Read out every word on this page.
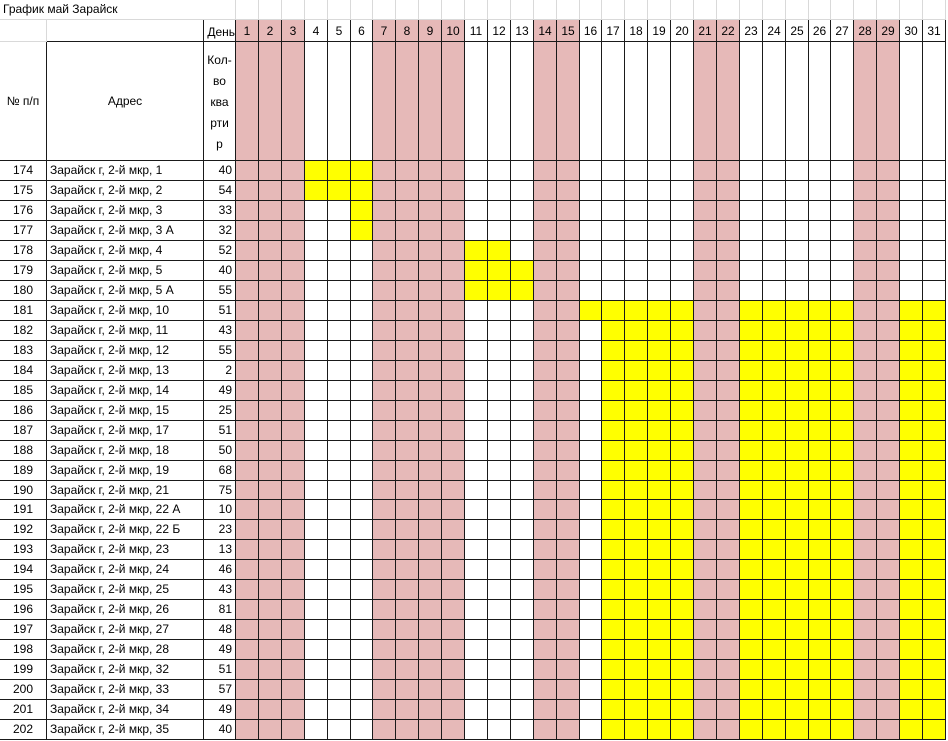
График май Зарайск
День 1	2	3	4	5	6	7	8	9	10 11 12 13 14 15 16 17 18 19 20 21 22 23 24 25 26 27 28 29 30 31
№ п/п	Адрес
Кол-
во
ква
рти
р
174	Зарайск г, 2-й мкр, 1	40
175	Зарайск г, 2-й мкр, 2	54
176	Зарайск г, 2-й мкр, 3	33
177	Зарайск г, 2-й мкр, 3 А	32
178	Зарайск г, 2-й мкр, 4	52
179	Зарайск г, 2-й мкр, 5	40
180	Зарайск г, 2-й мкр, 5 А	55
181	Зарайск г, 2-й мкр, 10	51
182	Зарайск г, 2-й мкр, 11	43
183	Зарайск г, 2-й мкр, 12	55
184	Зарайск г, 2-й мкр, 13	2
185	Зарайск г, 2-й мкр, 14	49
186	Зарайск г, 2-й мкр, 15	25
187	Зарайск г, 2-й мкр, 17	51
188	Зарайск г, 2-й мкр, 18	50
189	Зарайск г, 2-й мкр, 19	68
190	Зарайск г, 2-й мкр, 21	75
191	Зарайск г, 2-й мкр, 22 А	10
192	Зарайск г, 2-й мкр, 22 Б	23
193	Зарайск г, 2-й мкр, 23	13
194	Зарайск г, 2-й мкр, 24	46
195	Зарайск г, 2-й мкр, 25	43
196	Зарайск г, 2-й мкр, 26	81
197	Зарайск г, 2-й мкр, 27	48
198	Зарайск г, 2-й мкр, 28	49
199	Зарайск г, 2-й мкр, 32	51
200	Зарайск г, 2-й мкр, 33	57
201	Зарайск г, 2-й мкр, 34	49
202	Зарайск г, 2-й мкр, 35	40
